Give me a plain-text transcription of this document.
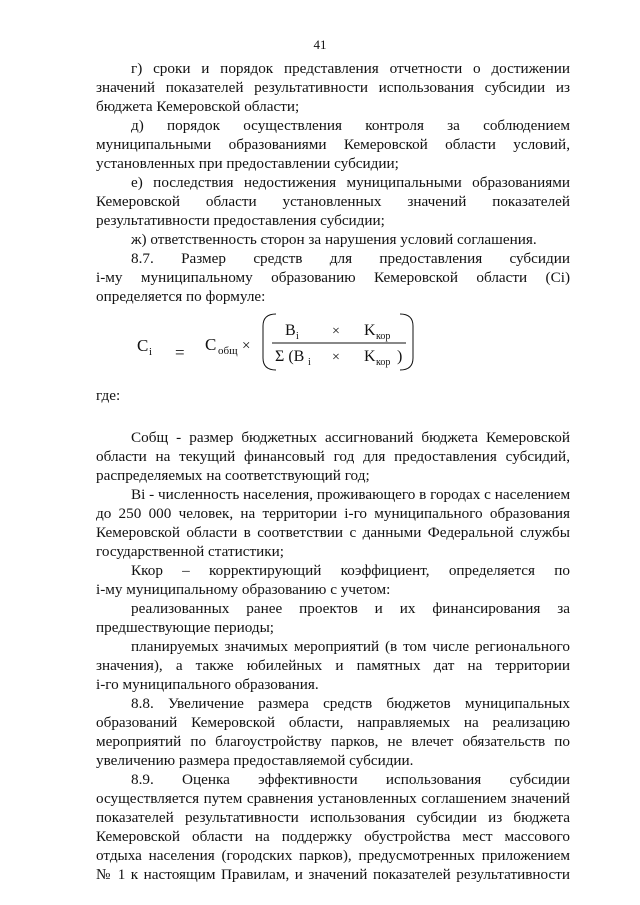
41
г) сроки и порядок представления отчетности о достижении
значений показателей результативности использования субсидии из
бюджета Кемеровской области;
д) порядок осуществления контроля за соблюдением
муниципальными образованиями Кемеровской области условий,
установленных при предоставлении субсидии;
е) последствия недостижения муниципальными образованиями
Кемеровской области установленных значений показателей
результативности предоставления субсидии;
ж) ответственность сторон за нарушения условий соглашения.
8.7. Размер средств для предоставления субсидии
i-му муниципальному образованию Кемеровской области (Ci)
определяется по формуле:
где:
Собщ - размер бюджетных ассигнований бюджета Кемеровской
области на текущий финансовый год для предоставления субсидий,
распределяемых на соответствующий год;
Вi - численность населения, проживающего в городах с населением
до 250 000 человек, на территории i-го муниципального образования
Кемеровской области в соответствии с данными Федеральной службы
государственной статистики;
Ккор – корректирующий коэффициент, определяется по
i-му муниципальному образованию с учетом:
реализованных ранее проектов и их финансирования за
предшествующие периоды;
планируемых значимых мероприятий (в том числе регионального
значения), а также юбилейных и памятных дат на территории
i-го муниципального образования.
8.8. Увеличение размера средств бюджетов муниципальных
образований Кемеровской области, направляемых на реализацию
мероприятий по благоустройству парков, не влечет обязательств по
увеличению размера предоставляемой субсидии.
8.9. Оценка эффективности использования субсидии
осуществляется путем сравнения установленных соглашением значений
показателей результативности использования субсидии из бюджета
Кемеровской области на поддержку обустройства мест массового
отдыха населения (городских парков), предусмотренных приложением
№ 1 к настоящим Правилам, и значений показателей результативности
C i = С общ ×
B i × K кор
Σ (B i × K кор )
